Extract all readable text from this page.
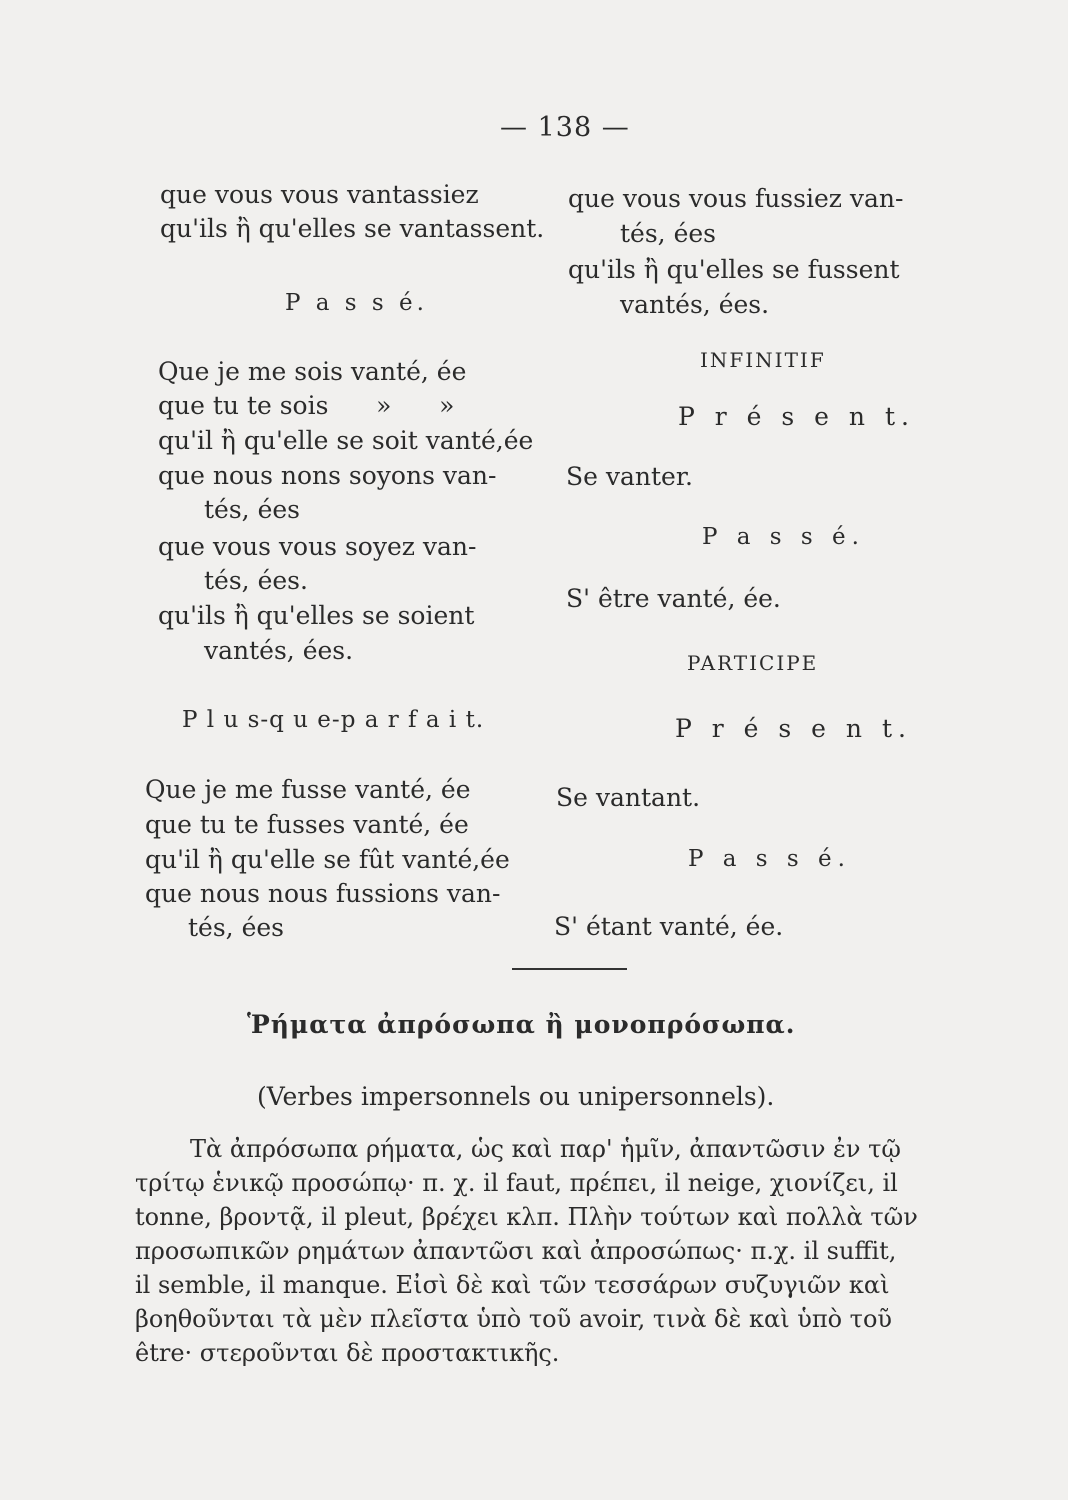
— 138 —
que vous vous vantassiez
qu'ils ἢ qu'elles se vantassent.
P a s s é.
Que je me sois vanté, ée
que tu te sois      »      »
qu'il ἢ qu'elle se soit vanté,ée
que nous nons soyons van-
tés, ées
que vous vous soyez van-
tés, ées.
qu'ils ἢ qu'elles se soient
vantés, ées.
P l u s-q u e-p a r f a i t.
Que je me fusse vanté, ée
que tu te fusses vanté, ée
qu'il ἢ qu'elle se fût vanté,ée
que nous nous fussions van-
tés, ées
que vous vous fussiez van-
tés, ées
qu'ils ἢ qu'elles se fussent
vantés, ées.
INFINITIF
P r é s e n t.
Se vanter.
P a s s é.
S' être vanté, ée.
PARTICIPE
P r é s e n t.
Se vantant.
P a s s é.
S' étant vanté, ée.
Ῥήματα ἀπρόσωπα ἢ μονοπρόσωπα.
(Verbes impersonnels ou unipersonnels).
Τὰ ἀπρόσωπα ρήματα, ὡς καὶ παρ' ἡμῖν, ἀπαντῶσιν ἐν τῷ
τρίτῳ ἑνικῷ προσώπῳ· π. χ. il faut, πρέπει, il neige, χιονίζει, il
tonne, βροντᾷ, il pleut, βρέχει κλπ. Πλὴν τούτων καὶ πολλὰ τῶν
προσωπικῶν ρημάτων ἀπαντῶσι καὶ ἀπροσώπως· π.χ. il suffit,
il semble, il manque. Εἰσὶ δὲ καὶ τῶν τεσσάρων συζυγιῶν καὶ
βοηθοῦνται τὰ μὲν πλεῖστα ὑπὸ τοῦ avoir, τινὰ δὲ καὶ ὑπὸ τοῦ
être· στεροῦνται δὲ προστακτικῆς.
